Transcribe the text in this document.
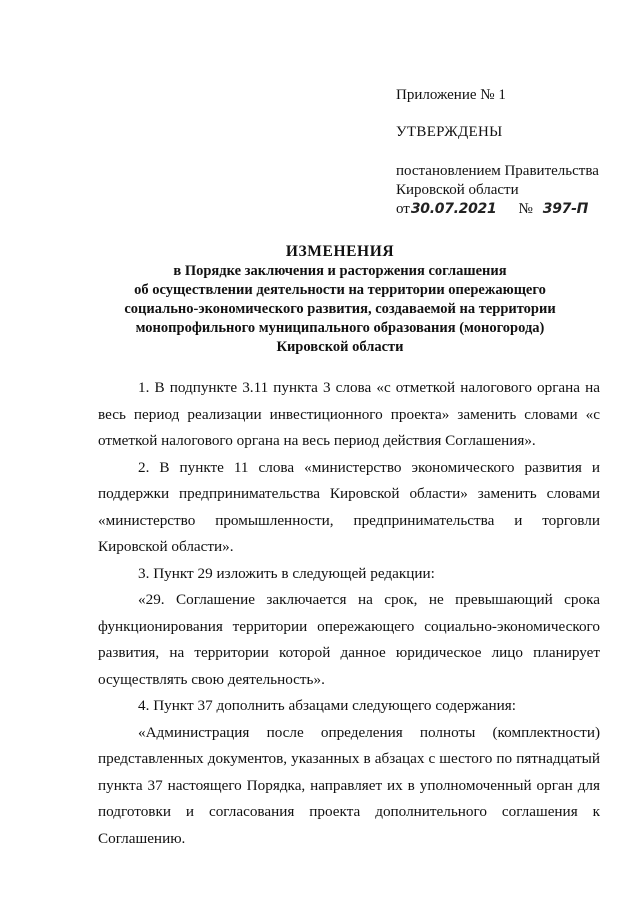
Приложение № 1
УТВЕРЖДЕНЫ
постановлением Правительства
Кировской области
от 30.07.2021 № 397-П
ИЗМЕНЕНИЯ
в Порядке заключения и расторжения соглашения
об осуществлении деятельности на территории опережающего
социально-экономического развития, создаваемой на территории
монопрофильного муниципального образования (моногорода)
Кировской области

1. В подпункте 3.11 пункта 3 слова «с отметкой налогового органа на весь период реализации инвестиционного проекта» заменить словами «с отметкой налогового органа на весь период действия Соглашения».

2. В пункте 11 слова «министерство экономического развития и поддержки предпринимательства Кировской области» заменить словами «министерство промышленности, предпринимательства и торговли Кировской области».

3. Пункт 29 изложить в следующей редакции:

«29. Соглашение заключается на срок, не превышающий срока функционирования территории опережающего социально-экономического развития, на территории которой данное юридическое лицо планирует осуществлять свою деятельность».

4. Пункт 37 дополнить абзацами следующего содержания:

«Администрация после определения полноты (комплектности) представленных документов, указанных в абзацах с шестого по пятнадцатый пункта 37 настоящего Порядка, направляет их в уполномоченный орган для подготовки и согласования проекта дополнительного соглашения к Соглашению.
